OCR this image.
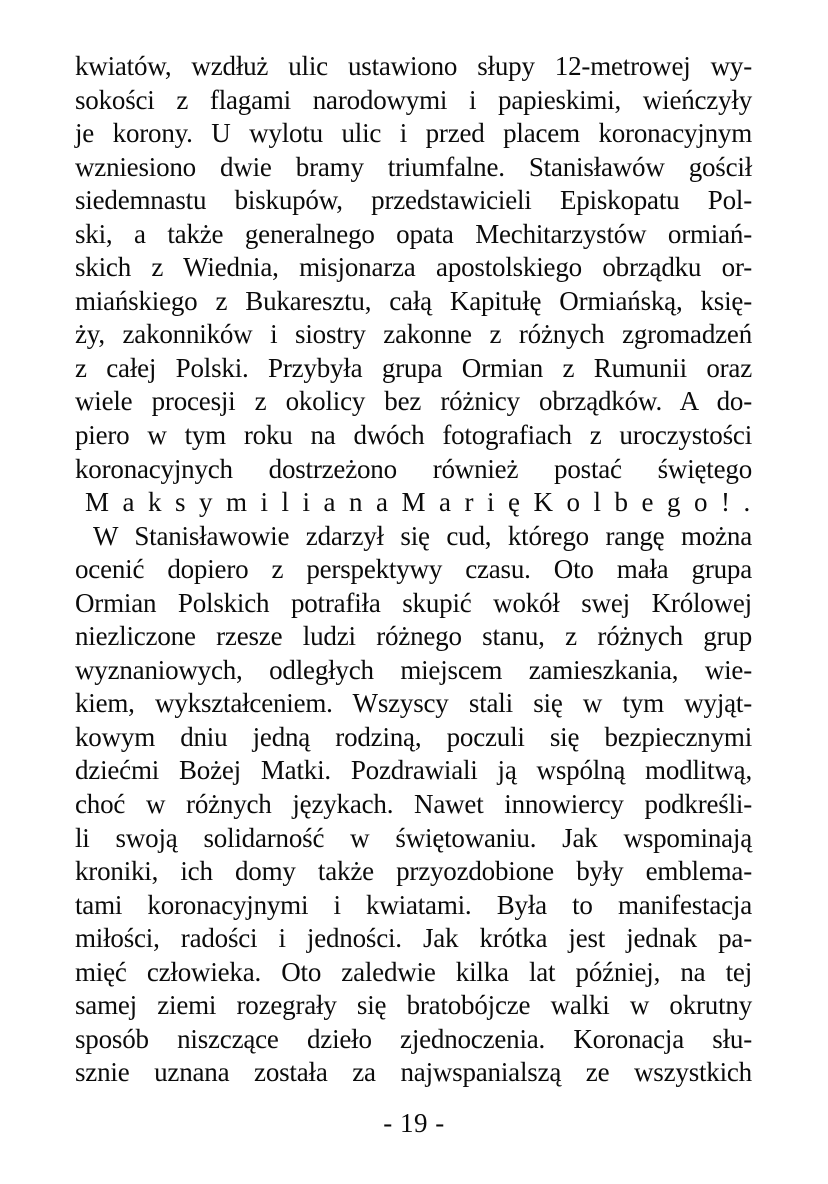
kwiatów, wzdłuż ulic ustawiono słupy 12-metrowej wy-
sokości z flagami narodowymi i papieskimi, wieńczyły
je korony. U wylotu ulic i przed placem koronacyjnym
wzniesiono dwie bramy triumfalne. Stanisławów gościł
siedemnastu biskupów, przedstawicieli Episkopatu Pol-
ski, a także generalnego opata Mechitarzystów ormiań-
skich z Wiednia, misjonarza apostolskiego obrządku or-
miańskiego z Bukaresztu, całą Kapitułę Ormiańską, księ-
ży, zakonników i siostry zakonne z różnych zgromadzeń
z całej Polski. Przybyła grupa Ormian z Rumunii oraz
wiele procesji z okolicy bez różnicy obrządków. A do-
piero w tym roku na dwóch fotografiach z uroczystości
koronacyjnych dostrzeżono również postać świętego
M a k s y m i l i a n a M a r i ę K o l b e g o ! .
W Stanisławowie zdarzył się cud, którego rangę można
ocenić dopiero z perspektywy czasu. Oto mała grupa
Ormian Polskich potrafiła skupić wokół swej Królowej
niezliczone rzesze ludzi różnego stanu, z różnych grup
wyznaniowych, odległych miejscem zamieszkania, wie-
kiem, wykształceniem. Wszyscy stali się w tym wyjąt-
kowym dniu jedną rodziną, poczuli się bezpiecznymi
dziećmi Bożej Matki. Pozdrawiali ją wspólną modlitwą,
choć w różnych językach. Nawet innowiercy podkreśli-
li swoją solidarność w świętowaniu. Jak wspominają
kroniki, ich domy także przyozdobione były emblema-
tami koronacyjnymi i kwiatami. Była to manifestacja
miłości, radości i jedności. Jak krótka jest jednak pa-
mięć człowieka. Oto zaledwie kilka lat później, na tej
samej ziemi rozegrały się bratobójcze walki w okrutny
sposób niszczące dzieło zjednoczenia. Koronacja słu-
sznie uznana została za najwspanialszą ze wszystkich
- 19 -
